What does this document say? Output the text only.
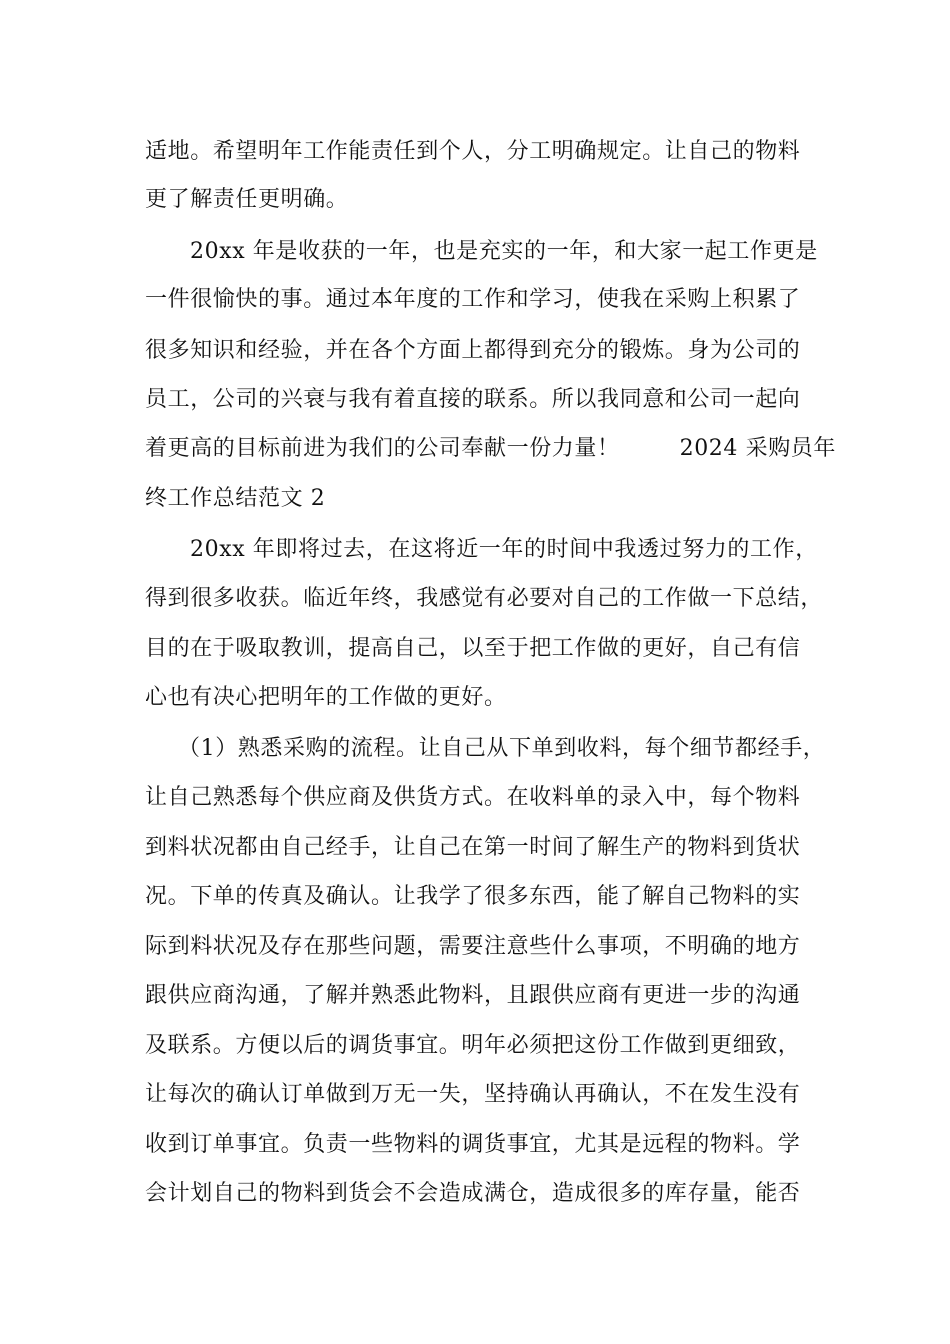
适地。希望明年工作能责任到个人，分工明确规定。让自己的物料
更了解责任更明确。
20xx 年是收获的一年，也是充实的一年，和大家一起工作更是
一件很愉快的事。通过本年度的工作和学习，使我在采购上积累了
很多知识和经验，并在各个方面上都得到充分的锻炼。身为公司的
员工，公司的兴衰与我有着直接的联系。所以我同意和公司一起向
着更高的目标前进为我们的公司奉献一份力量！	2024 采购员年
终工作总结范文 2
20xx 年即将过去，在这将近一年的时间中我透过努力的工作，
得到很多收获。临近年终，我感觉有必要对自己的工作做一下总结，
目的在于吸取教训，提高自己，以至于把工作做的更好，自己有信
心也有决心把明年的工作做的更好。
（1）熟悉采购的流程。让自己从下单到收料，每个细节都经手，
让自己熟悉每个供应商及供货方式。在收料单的录入中，每个物料
到料状况都由自己经手，让自己在第一时间了解生产的物料到货状
况。下单的传真及确认。让我学了很多东西，能了解自己物料的实
际到料状况及存在那些问题，需要注意些什么事项，不明确的地方
跟供应商沟通，了解并熟悉此物料，且跟供应商有更进一步的沟通
及联系。方便以后的调货事宜。明年必须把这份工作做到更细致，
让每次的确认订单做到万无一失，坚持确认再确认，不在发生没有
收到订单事宜。负责一些物料的调货事宜，尤其是远程的物料。学
会计划自己的物料到货会不会造成满仓，造成很多的库存量，能否
